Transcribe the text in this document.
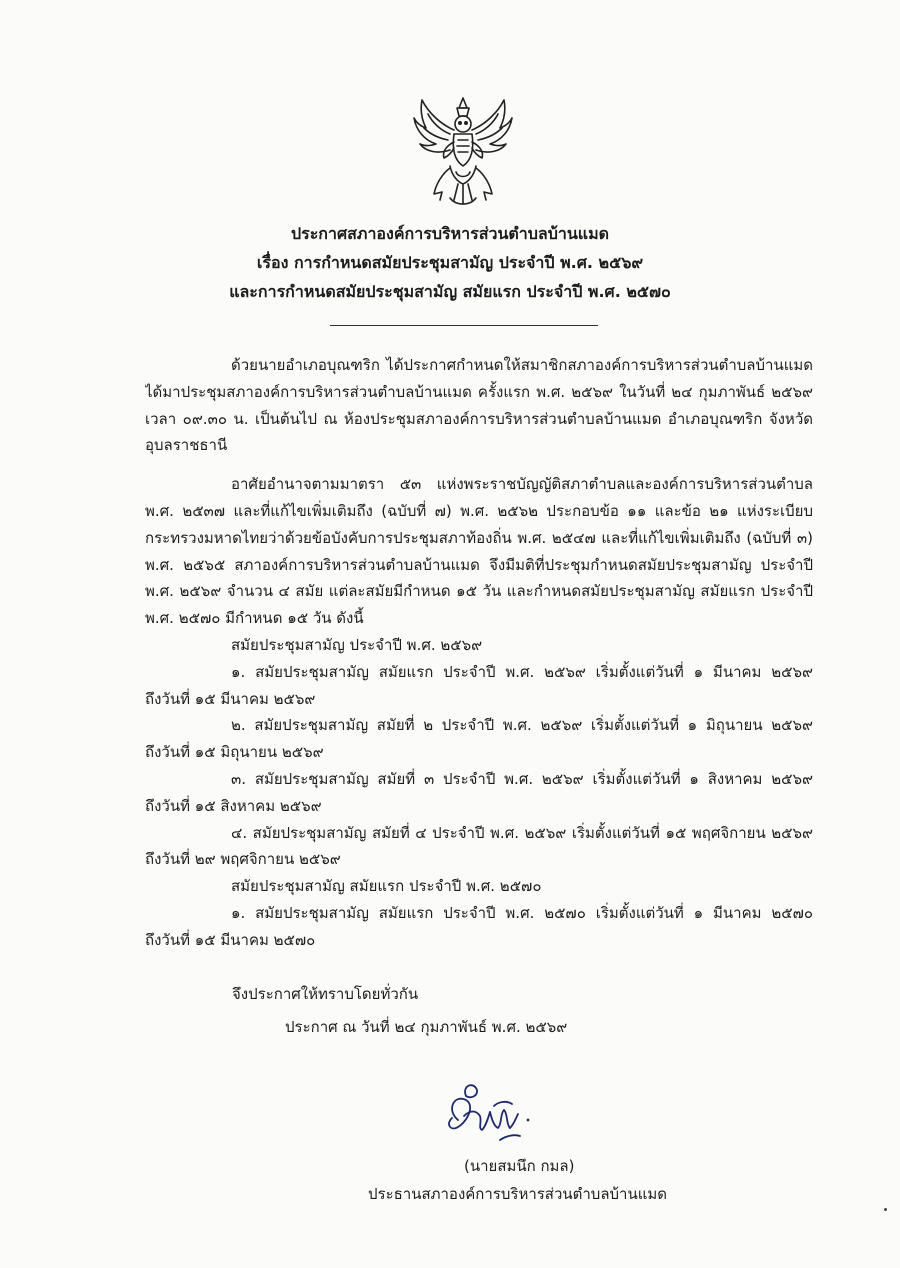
ประกาศสภาองค์การบริหารส่วนตำบลบ้านแมด
เรื่อง การกำหนดสมัยประชุมสามัญ ประจำปี พ.ศ. ๒๕๖๙
และการกำหนดสมัยประชุมสามัญ สมัยแรก ประจำปี พ.ศ. ๒๕๗๐
ด้วยนายอำเภอบุณฑริก ได้ประกาศกำหนดให้สมาชิกสภาองค์การบริหารส่วนตำบลบ้านแมด
ได้มาประชุมสภาองค์การบริหารส่วนตำบลบ้านแมด ครั้งแรก พ.ศ. ๒๕๖๙ ในวันที่ ๒๔ กุมภาพันธ์ ๒๕๖๙
เวลา ๐๙.๓๐ น. เป็นต้นไป ณ ห้องประชุมสภาองค์การบริหารส่วนตำบลบ้านแมด อำเภอบุณฑริก จังหวัด
อุบลราชธานี
อาศัยอำนาจตามมาตรา ๕๓ แห่งพระราชบัญญัติสภาตำบลและองค์การบริหารส่วนตำบล
พ.ศ. ๒๕๓๗ และที่แก้ไขเพิ่มเติมถึง (ฉบับที่ ๗) พ.ศ. ๒๕๖๒ ประกอบข้อ ๑๑ และข้อ ๒๑ แห่งระเบียบ
กระทรวงมหาดไทยว่าด้วยข้อบังคับการประชุมสภาท้องถิ่น พ.ศ. ๒๕๔๗ และที่แก้ไขเพิ่มเติมถึง (ฉบับที่ ๓)
พ.ศ. ๒๕๖๕ สภาองค์การบริหารส่วนตำบลบ้านแมด จึงมีมติที่ประชุมกำหนดสมัยประชุมสามัญ ประจำปี
พ.ศ. ๒๕๖๙ จำนวน ๔ สมัย แต่ละสมัยมีกำหนด ๑๕ วัน และกำหนดสมัยประชุมสามัญ สมัยแรก ประจำปี
พ.ศ. ๒๕๗๐ มีกำหนด ๑๕ วัน ดังนี้
สมัยประชุมสามัญ ประจำปี พ.ศ. ๒๕๖๙
๑. สมัยประชุมสามัญ สมัยแรก ประจำปี พ.ศ. ๒๕๖๙ เริ่มตั้งแต่วันที่ ๑ มีนาคม ๒๕๖๙
ถึงวันที่ ๑๕ มีนาคม ๒๕๖๙
๒. สมัยประชุมสามัญ สมัยที่ ๒ ประจำปี พ.ศ. ๒๕๖๙ เริ่มตั้งแต่วันที่ ๑ มิถุนายน ๒๕๖๙
ถึงวันที่ ๑๕ มิถุนายน ๒๕๖๙
๓. สมัยประชุมสามัญ สมัยที่ ๓ ประจำปี พ.ศ. ๒๕๖๙ เริ่มตั้งแต่วันที่ ๑ สิงหาคม ๒๕๖๙
ถึงวันที่ ๑๕ สิงหาคม ๒๕๖๙
๔. สมัยประชุมสามัญ สมัยที่ ๔ ประจำปี พ.ศ. ๒๕๖๙ เริ่มตั้งแต่วันที่ ๑๕ พฤศจิกายน ๒๕๖๙
ถึงวันที่ ๒๙ พฤศจิกายน ๒๕๖๙
สมัยประชุมสามัญ สมัยแรก ประจำปี พ.ศ. ๒๕๗๐
๑. สมัยประชุมสามัญ สมัยแรก ประจำปี พ.ศ. ๒๕๗๐ เริ่มตั้งแต่วันที่ ๑ มีนาคม ๒๕๗๐
ถึงวันที่ ๑๕ มีนาคม ๒๕๗๐
จึงประกาศให้ทราบโดยทั่วกัน
ประกาศ ณ วันที่ ๒๔ กุมภาพันธ์ พ.ศ. ๒๕๖๙
(นายสมนึก กมล)
ประธานสภาองค์การบริหารส่วนตำบลบ้านแมด
